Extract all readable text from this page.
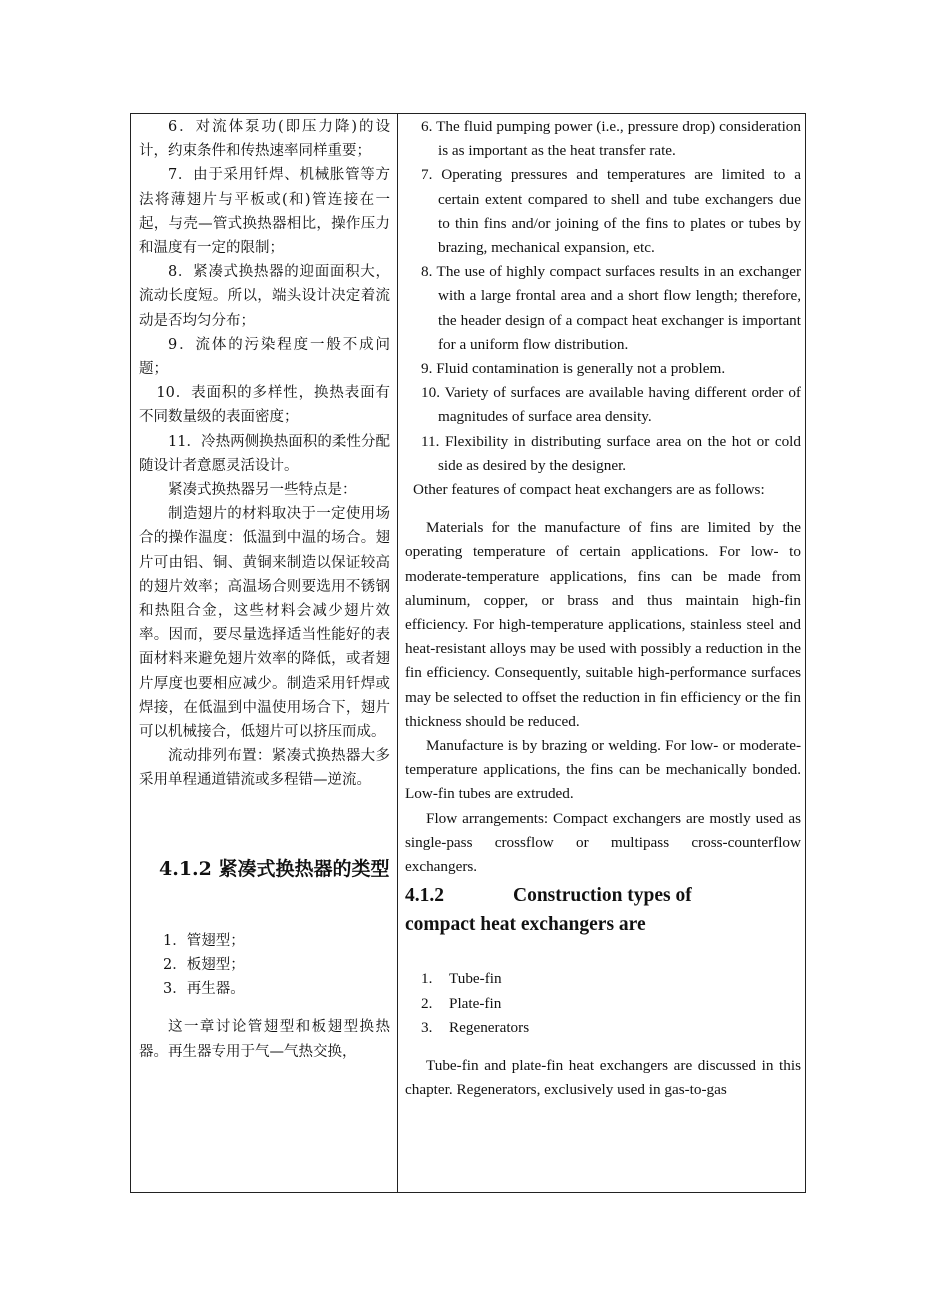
6．对流体泵功(即压力降)的设计，约束条件和传热速率同样重要；

7．由于采用钎焊、机械胀管等方法将薄翅片与平板或(和)管连接在一起，与壳—管式换热器相比，操作压力和温度有一定的限制；

8．紧凑式换热器的迎面面积大，流动长度短。所以，端头设计决定着流动是否均匀分布；

9．流体的污染程度一般不成问题；

10．表面积的多样性，换热表面有不同数量级的表面密度；

11．冷热两侧换热面积的柔性分配随设计者意愿灵活设计。

紧凑式换热器另一些特点是：

制造翅片的材料取决于一定使用场合的操作温度：低温到中温的场合。翅片可由铝、铜、黄铜来制造以保证较高的翅片效率；高温场合则要选用不锈钢和热阻合金，这些材料会减少翅片效率。因而，要尽量选择适当性能好的表面材料来避免翅片效率的降低，或者翅片厚度也要相应减少。制造采用钎焊或焊接，在低温到中温使用场合下，翅片可以机械接合，低翅片可以挤压而成。

流动排列布置：紧凑式换热器大多采用单程通道错流或多程错—逆流。

4.1.2 紧凑式换热器的类型

1．管翅型；

2．板翅型；

3．再生器。

这一章讨论管翅型和板翅型换热器。再生器专用于气—气热交换，

6. The fluid pumping power (i.e., pressure drop) consideration is as important as the heat transfer rate.

7. Operating pressures and temperatures are limited to a certain extent compared to shell and tube exchangers due to thin fins and/or joining of the fins to plates or tubes by brazing, mechanical expansion, etc.

8. The use of highly compact surfaces results in an exchanger with a large frontal area and a short flow length; therefore, the header design of a compact heat exchanger is important for a uniform flow distribution.

9. Fluid contamination is generally not a problem.

10. Variety of surfaces are available having different order of magnitudes of surface area density.

11. Flexibility in distributing surface area on the hot or cold side as desired by the designer.

Other features of compact heat exchangers are as follows:

Materials for the manufacture of fins are limited by the operating temperature of certain applications. For low- to moderate-temperature applications, fins can be made from aluminum, copper, or brass and thus maintain high-fin efficiency. For high-temperature applications, stainless steel and heat-resistant alloys may be used with possibly a reduction in the fin efficiency. Consequently, suitable high-performance surfaces may be selected to offset the reduction in fin efficiency or the fin thickness should be reduced.

Manufacture is by brazing or welding. For low- or moderate-temperature applications, the fins can be mechanically bonded. Low-fin tubes are extruded.

Flow arrangements: Compact exchangers are mostly used as single-pass crossflow or multipass cross-counterflow exchangers.

4.1.2	Construction types of

compact heat exchangers are

1. Tube-fin

2. Plate-fin

3. Regenerators

Tube-fin and plate-fin heat exchangers are discussed in this chapter. Regenerators, exclusively used in gas-to-gas
